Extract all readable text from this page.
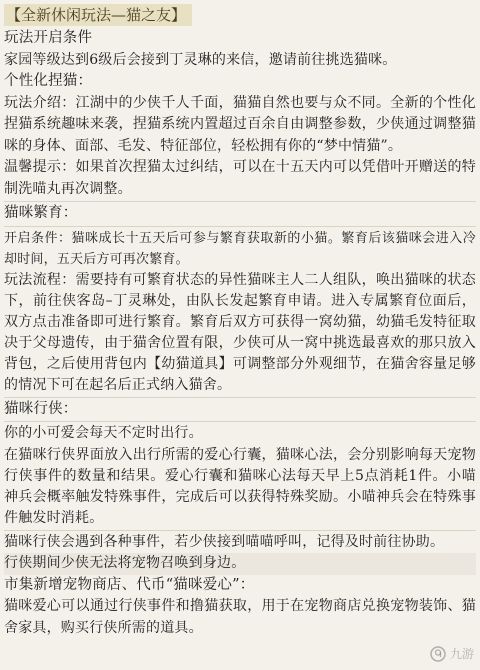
【全新休闲玩法—猫之友】

玩法开启条件

家园等级达到6级后会接到丁灵琳的来信，邀请前往挑选猫咪。

个性化捏猫：

玩法介绍：江湖中的少侠千人千面，猫猫自然也要与众不同。全新的个性化捏猫系统趣味来袭，捏猫系统内置超过百余自由调整参数，少侠通过调整猫咪的身体、面部、毛发、特征部位，轻松拥有你的“梦中情猫”。

温馨提示：如果首次捏猫太过纠结，可以在十五天内可以凭借叶开赠送的特制洗喵丸再次调整。

猫咪繁育：

开启条件：猫咪成长十五天后可参与繁育获取新的小猫。繁育后该猫咪会进入冷却时间，五天后方可再次繁育。

玩法流程：需要持有可繁育状态的异性猫咪主人二人组队，唤出猫咪的状态下，前往侠客岛–丁灵琳处，由队长发起繁育申请。进入专属繁育位面后，双方点击准备即可进行繁育。繁育后双方可获得一窝幼猫，幼猫毛发特征取决于父母遗传，由于猫舍位置有限，少侠可从一窝中挑选最喜欢的那只放入背包，之后使用背包内【幼猫道具】可调整部分外观细节，在猫舍容量足够的情况下可在起名后正式纳入猫舍。

猫咪行侠：

你的小可爱会每天不定时出行。

在猫咪行侠界面放入出行所需的爱心行囊，猫咪心法，会分别影响每天宠物行侠事件的数量和结果。爱心行囊和猫咪心法每天早上5点消耗1件。小喵神兵会概率触发特殊事件，完成后可以获得特殊奖励。小喵神兵会在特殊事件触发时消耗。

猫咪行侠会遇到各种事件，若少侠接到喵喵呼叫，记得及时前往协助。

行侠期间少侠无法将宠物召唤到身边。

市集新增宠物商店、代币“猫咪爱心”：

猫咪爱心可以通过行侠事件和撸猫获取，用于在宠物商店兑换宠物装饰、猫舍家具，购买行侠所需的道具。

九游
